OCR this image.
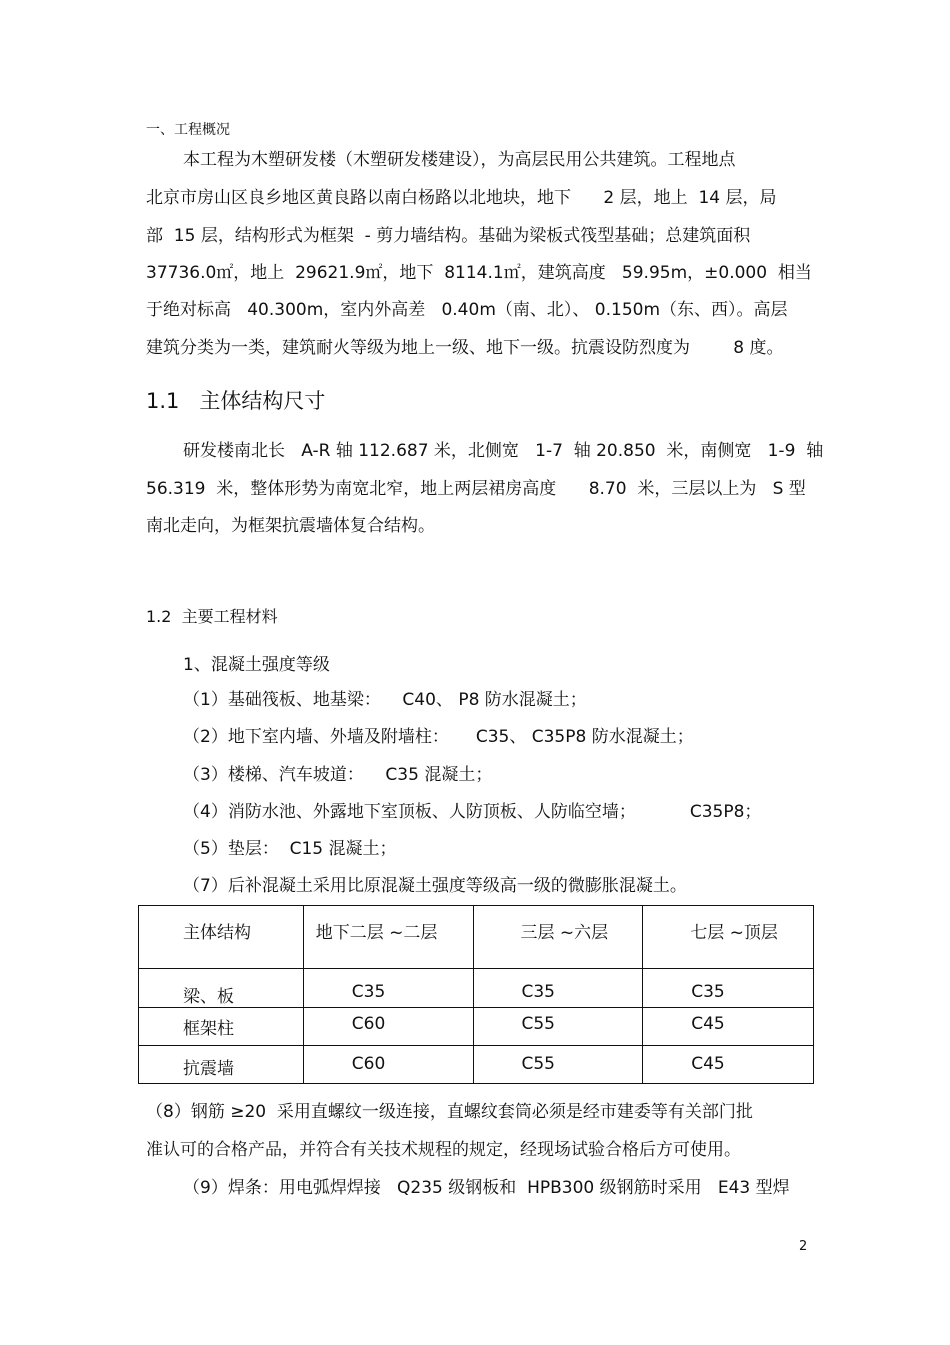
一、工程概况
本工程为木塑研发楼（木塑研发楼建设），为高层民用公共建筑。工程地点
北京市房山区良乡地区黄良路以南白杨路以北地块，地下      2 层，地上  14 层，局
部  15 层，结构形式为框架  - 剪力墙结构。基础为梁板式筏型基础；总建筑面积
37736.0㎡，地上  29621.9㎡，地下  8114.1㎡，建筑高度   59.95m，±0.000  相当
于绝对标高   40.300m，室内外高差   0.40m（南、北）、 0.150m（东、西）。高层
建筑分类为一类，建筑耐火等级为地上一级、地下一级。抗震设防烈度为        8 度。
1.1   主体结构尺寸
研发楼南北长   A-R 轴 112.687 米，北侧宽   1-7  轴 20.850  米，南侧宽   1-9  轴
56.319  米，整体形势为南宽北窄，地上两层裙房高度      8.70  米，三层以上为   S 型
南北走向，为框架抗震墙体复合结构。
1.2  主要工程材料
1、混凝土强度等级
（1）基础筏板、地基梁：    C40、 P8 防水混凝土；
（2）地下室内墙、外墙及附墙柱：     C35、 C35P8 防水混凝土；
（3）楼梯、汽车坡道：    C35 混凝土；
（4）消防水池、外露地下室顶板、人防顶板、人防临空墙；          C35P8；
（5）垫层：  C15 混凝土；
（7）后补混凝土采用比原混凝土强度等级高一级的微膨胀混凝土。
主体结构	地下二层 ~二层	三层 ~六层	七层 ~顶层

梁、板	C35	C35	C35

框架柱	C60	C55	C45

抗震墙	C60	C55	C45
（8）钢筋 ≥20  采用直螺纹一级连接，直螺纹套筒必须是经市建委等有关部门批
准认可的合格产品，并符合有关技术规程的规定，经现场试验合格后方可使用。
（9）焊条：用电弧焊焊接   Q235 级钢板和  HPB300 级钢筋时采用   E43 型焊
2
